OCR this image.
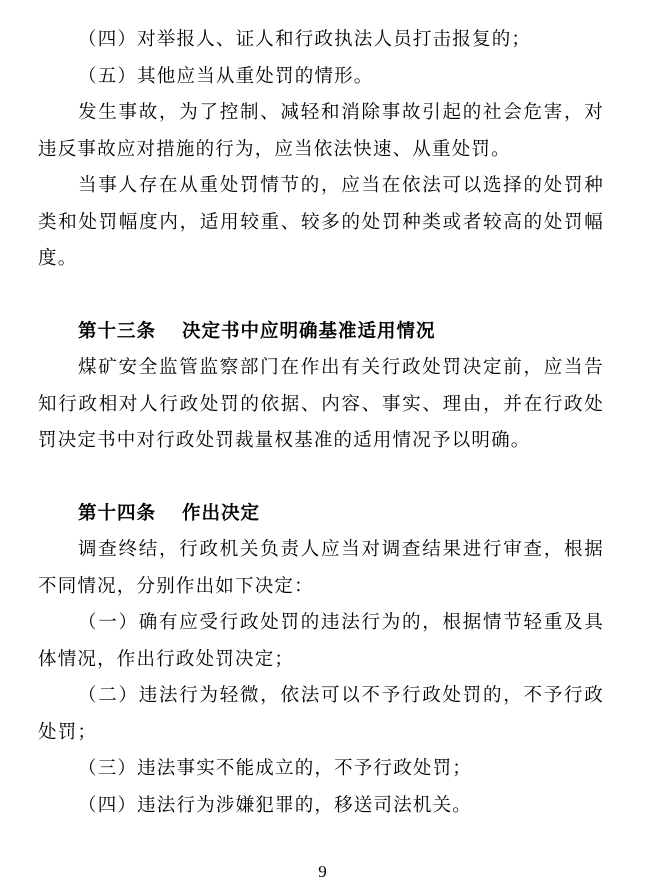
（四）对举报人、证人和行政执法人员打击报复的；

（五）其他应当从重处罚的情形。

发生事故，为了控制、减轻和消除事故引起的社会危害，对违反事故应对措施的行为，应当依法快速、从重处罚。

当事人存在从重处罚情节的，应当在依法可以选择的处罚种类和处罚幅度内，适用较重、较多的处罚种类或者较高的处罚幅度。

第十三条 决定书中应明确基准适用情况

煤矿安全监管监察部门在作出有关行政处罚决定前，应当告知行政相对人行政处罚的依据、内容、事实、理由，并在行政处罚决定书中对行政处罚裁量权基准的适用情况予以明确。

第十四条 作出决定

调查终结，行政机关负责人应当对调查结果进行审查，根据不同情况，分别作出如下决定：

（一）确有应受行政处罚的违法行为的，根据情节轻重及具体情况，作出行政处罚决定；

（二）违法行为轻微，依法可以不予行政处罚的，不予行政处罚；

（三）违法事实不能成立的，不予行政处罚；

（四）违法行为涉嫌犯罪的，移送司法机关。

9
